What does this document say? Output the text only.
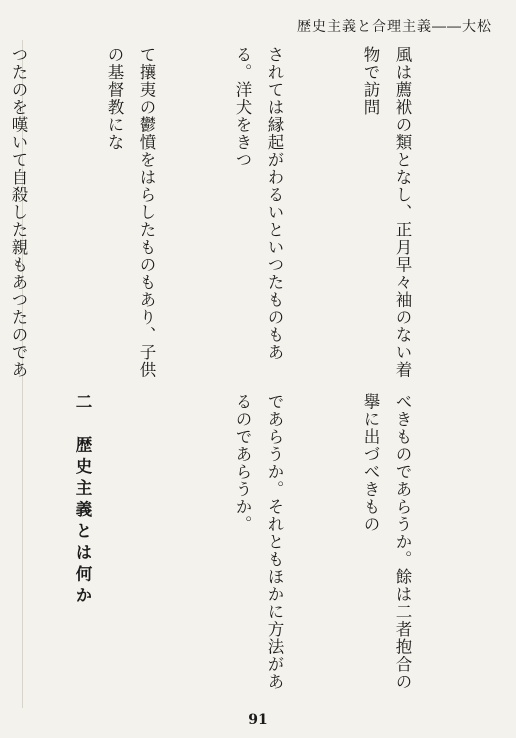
歴史主義と合理主義――大松

風は薦袱の類となし、正月早々袖のない着物で訪問

されては縁起がわるいといつたものもある。洋犬をきつ

て攘夷の鬱憤をはらしたものもあり、子供の基督教にな

つたのを嘆いて自殺した親もあつたのであ

べきものであらうか。餘は二者抱合の擧に出づべきもの

であらうか。それともほかに方法があるのであらうか。

二　歴史主義とは何か

91
